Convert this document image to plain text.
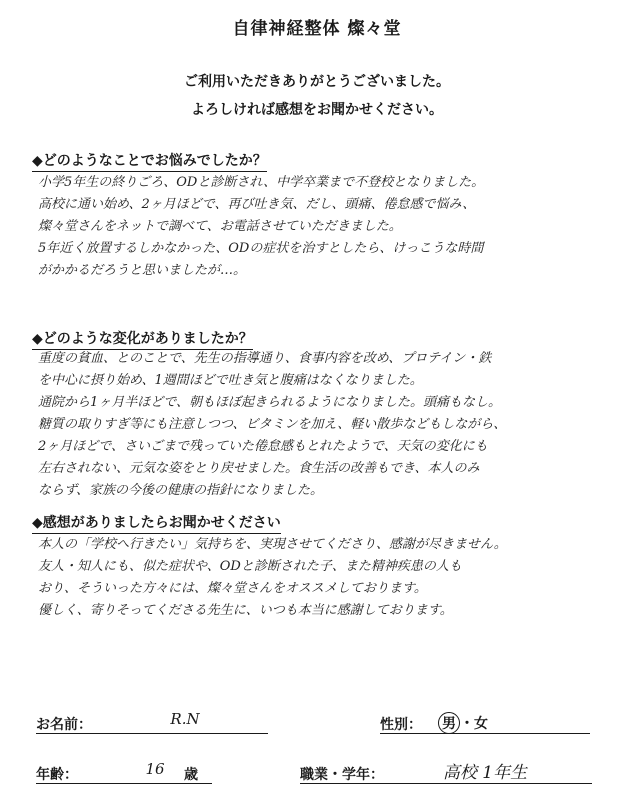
自律神経整体 燦々堂
ご利用いただきありがとうございました。
よろしければ感想をお聞かせください。
◆どのようなことでお悩みでしたか？
小学5年生の終りごろ、ODと診断され、中学卒業まで不登校となりました。
高校に通い始め、2ヶ月ほどで、再び吐き気、だし、頭痛、倦怠感で悩み、
燦々堂さんをネットで調べて、お電話させていただきました。
5年近く放置するしかなかった、ODの症状を治すとしたら、けっこうな時間
がかかるだろうと思いましたが…。
◆どのような変化がありましたか？
重度の貧血、とのことで、先生の指導通り、食事内容を改め、プロテイン・鉄
を中心に摂り始め、1週間ほどで吐き気と腹痛はなくなりました。
通院から1ヶ月半ほどで、朝もほぼ起きられるようになりました。頭痛もなし。
糖質の取りすぎ等にも注意しつつ、ビタミンを加え、軽い散歩などもしながら、
2ヶ月ほどで、さいごまで残っていた倦怠感もとれたようで、天気の変化にも
左右されない、元気な姿をとり戻せました。食生活の改善もでき、本人のみ
ならず、家族の今後の健康の指針になりました。
◆感想がありましたらお聞かせください
本人の「学校へ行きたい」気持ちを、実現させてくださり、感謝が尽きません。
友人・知人にも、似た症状や、ODと診断された子、また精神疾患の人も
おり、そういった方々には、燦々堂さんをオススメしております。
優しく、寄りそってくださる先生に、いつも本当に感謝しております。
お名前：	R.N	性別： 男 ・女
年齢：	16	歳	職業・学年：	高校 1年生
